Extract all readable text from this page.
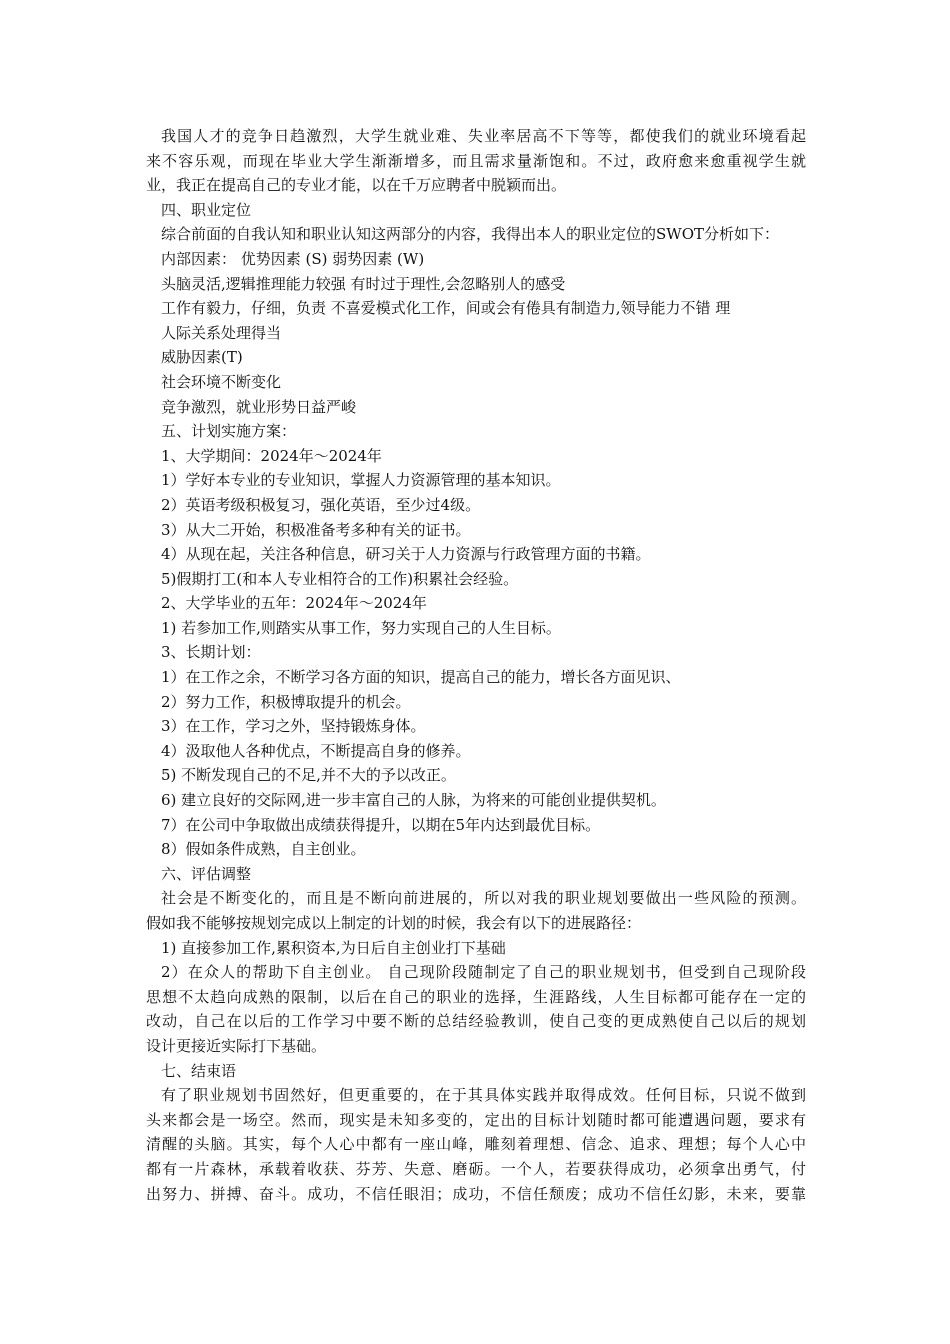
我国人才的竞争日趋激烈，大学生就业难、失业率居高不下等等，都使我们的就业环境看起
来不容乐观，而现在毕业大学生渐渐增多，而且需求量渐饱和。不过，政府愈来愈重视学生就
业，我正在提高自己的专业才能，以在千万应聘者中脱颖而出。
四、职业定位
综合前面的自我认知和职业认知这两部分的内容，我得出本人的职业定位的SWOT分析如下：
内部因素： 优势因素 (S) 弱势因素 (W)
头脑灵活,逻辑推理能力较强 有时过于理性,会忽略别人的感受
工作有毅力，仔细，负责 不喜爱模式化工作，间或会有倦具有制造力,领导能力不错 理
人际关系处理得当
威胁因素(T)
社会环境不断变化
竞争激烈，就业形势日益严峻
五、计划实施方案：
1、大学期间：2024年～2024年
1）学好本专业的专业知识，掌握人力资源管理的基本知识。
2）英语考级积极复习，强化英语，至少过4级。
3）从大二开始，积极准备考多种有关的证书。
4）从现在起，关注各种信息，研习关于人力资源与行政管理方面的书籍。
5)假期打工(和本人专业相符合的工作)积累社会经验。
2、大学毕业的五年：2024年～2024年
1) 若参加工作,则踏实从事工作，努力实现自己的人生目标。
3、长期计划：
1）在工作之余，不断学习各方面的知识，提高自己的能力，增长各方面见识、
2）努力工作，积极博取提升的机会。
3）在工作，学习之外，坚持锻炼身体。
4）汲取他人各种优点，不断提高自身的修养。
5) 不断发现自己的不足,并不大的予以改正。
6) 建立良好的交际网,进一步丰富自己的人脉，为将来的可能创业提供契机。
7）在公司中争取做出成绩获得提升，以期在5年内达到最优目标。
8）假如条件成熟，自主创业。
六、评估调整
社会是不断变化的，而且是不断向前进展的，所以对我的职业规划要做出一些风险的预测。
假如我不能够按规划完成以上制定的计划的时候，我会有以下的进展路径：
1) 直接参加工作,累积资本,为日后自主创业打下基础
2）在众人的帮助下自主创业。 自己现阶段随制定了自己的职业规划书，但受到自己现阶段
思想不太趋向成熟的限制，以后在自己的职业的选择，生涯路线，人生目标都可能存在一定的
改动，自己在以后的工作学习中要不断的总结经验教训，使自己变的更成熟使自己以后的规划
设计更接近实际打下基础。
七、结束语
有了职业规划书固然好，但更重要的，在于其具体实践并取得成效。任何目标，只说不做到
头来都会是一场空。然而，现实是未知多变的，定出的目标计划随时都可能遭遇问题，要求有
清醒的头脑。其实，每个人心中都有一座山峰，雕刻着理想、信念、追求、理想；每个人心中
都有一片森林，承载着收获、芬芳、失意、磨砺。一个人，若要获得成功，必须拿出勇气，付
出努力、拼搏、奋斗。成功，不信任眼泪；成功，不信任颓废；成功不信任幻影，未来，要靠
